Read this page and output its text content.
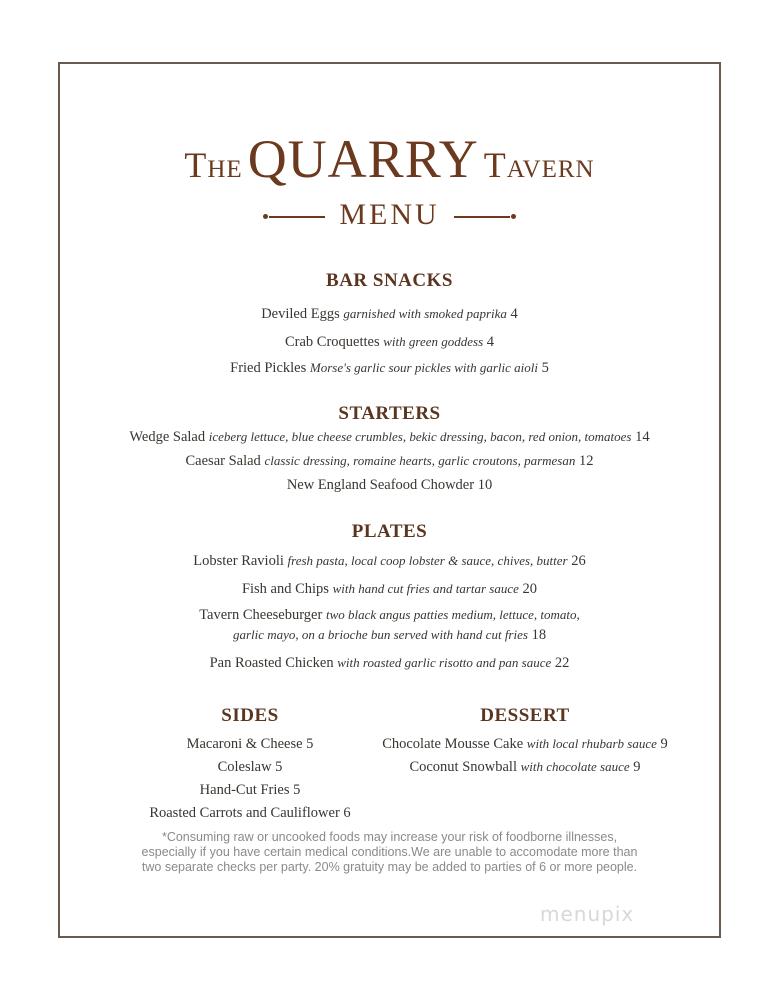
The QUARRY Tavern
MENU
BAR SNACKS
Deviled Eggs garnished with smoked paprika 4
Crab Croquettes with green goddess 4
Fried Pickles Morse's garlic sour pickles with garlic aioli 5
STARTERS
Wedge Salad iceberg lettuce, blue cheese crumbles, bekic dressing, bacon, red onion, tomatoes 14
Caesar Salad classic dressing, romaine hearts, garlic croutons, parmesan 12
New England Seafood Chowder 10
PLATES
Lobster Ravioli fresh pasta, local coop lobster & sauce, chives, butter 26
Fish and Chips with hand cut fries and tartar sauce 20
Tavern Cheeseburger two black angus patties medium, lettuce, tomato,
garlic mayo, on a brioche bun served with hand cut fries 18
Pan Roasted Chicken with roasted garlic risotto and pan sauce 22
SIDES
Macaroni & Cheese 5
Coleslaw 5
Hand-Cut Fries 5
Roasted Carrots and Cauliflower 6
DESSERT
Chocolate Mousse Cake with local rhubarb sauce 9
Coconut Snowball with chocolate sauce 9
*Consuming raw or uncooked foods may increase your risk of foodborne illnesses,
especially if you have certain medical conditions.We are unable to accomodate more than
two separate checks per party. 20% gratuity may be added to parties of 6 or more people.
menupix
